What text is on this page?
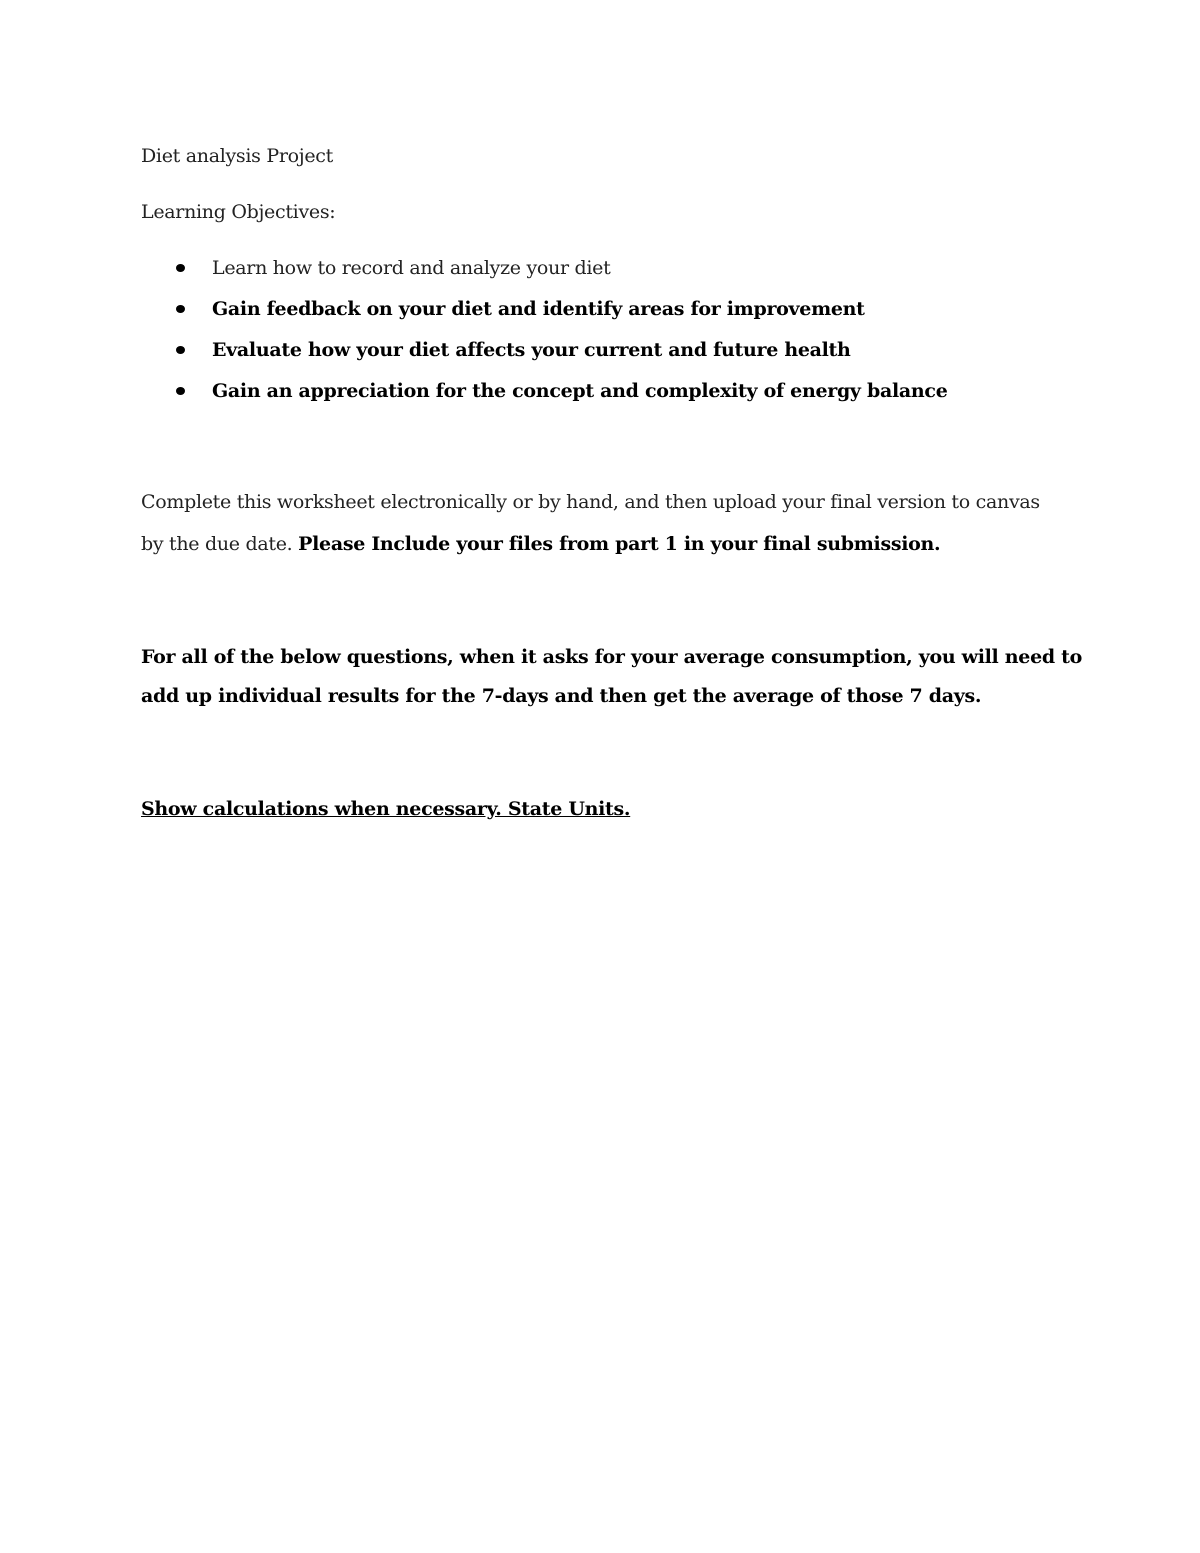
Diet analysis Project
Learning Objectives:
Learn how to record and analyze your diet
Gain feedback on your diet and identify areas for improvement
Evaluate how your diet affects your current and future health
Gain an appreciation for the concept and complexity of energy balance
Complete this worksheet electronically or by hand, and then upload your final version to canvas
by the due date. Please Include your files from part 1 in your final submission.
For all of the below questions, when it asks for your average consumption, you will need to
add up individual results for the 7-days and then get the average of those 7 days.
Show calculations when necessary. State Units.
